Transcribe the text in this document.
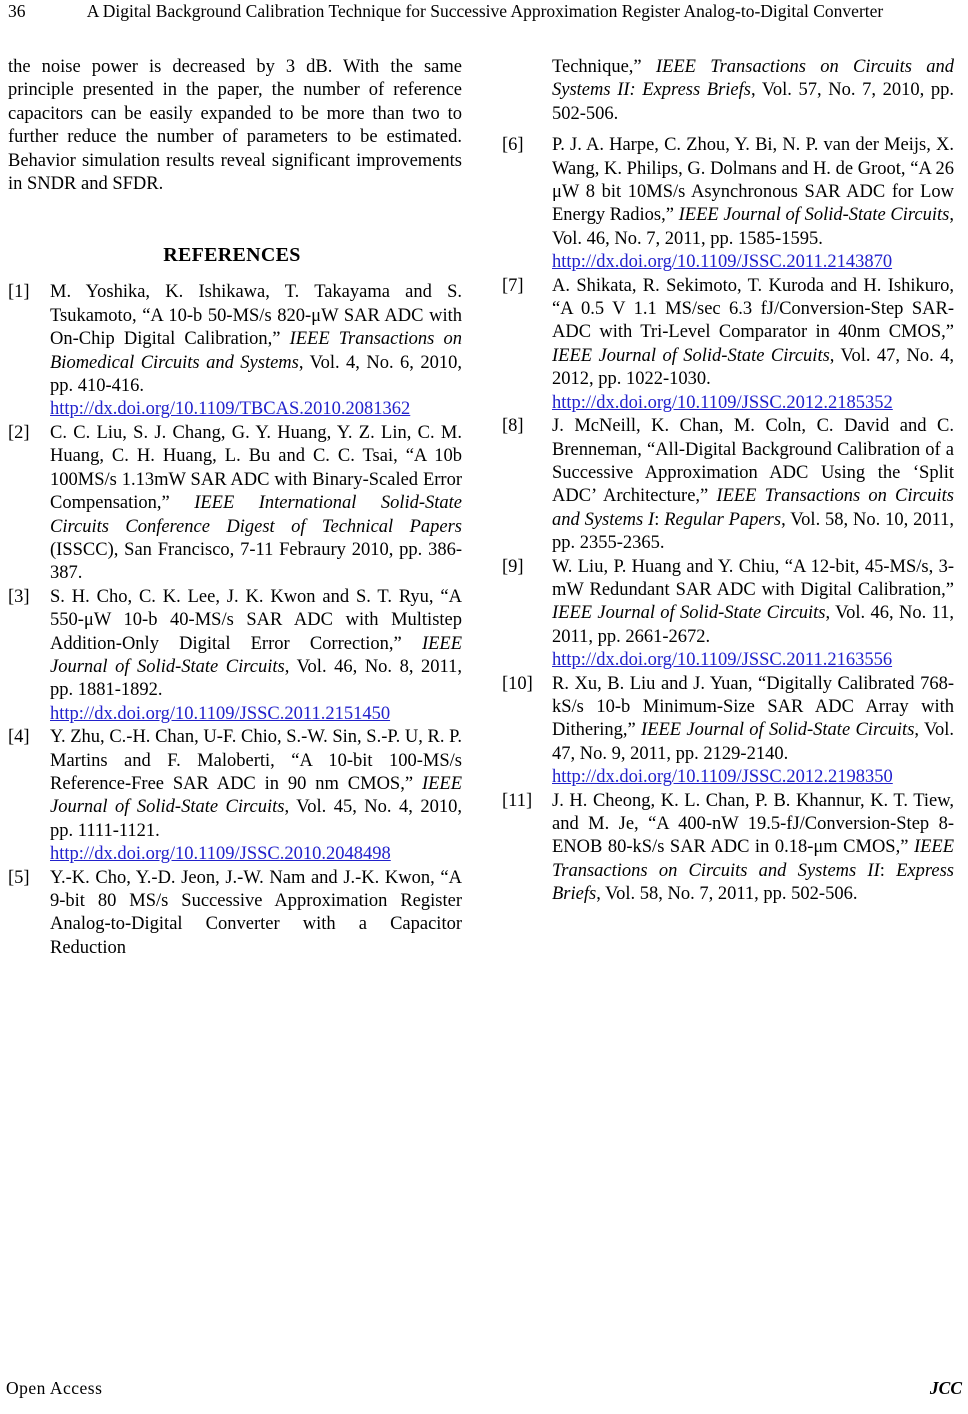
36	A Digital Background Calibration Technique for Successive Approximation Register Analog-to-Digital Converter

the noise power is decreased by 3 dB. With the same principle presented in the paper, the number of reference capacitors can be easily expanded to be more than two to further reduce the number of parameters to be estimated. Behavior simulation results reveal significant improvements in SNDR and SFDR.

REFERENCES
[1]	M. Yoshika, K. Ishikawa, T. Takayama and S. Tsukamoto, “A 10-b 50-MS/s 820-μW SAR ADC with On-Chip Digital Calibration,” IEEE Transactions on Biomedical Circuits and Systems, Vol. 4, No. 6, 2010, pp. 410-416.
http://dx.doi.org/10.1109/TBCAS.2010.2081362
[2]	C. C. Liu, S. J. Chang, G. Y. Huang, Y. Z. Lin, C. M. Huang, C. H. Huang, L. Bu and C. C. Tsai, “A 10b 100MS/s 1.13mW SAR ADC with Binary-Scaled Error Compensation,” IEEE International Solid-State Circuits Conference Digest of Technical Papers (ISSCC), San Francisco, 7-11 Febraury 2010, pp. 386-387.
[3]	S. H. Cho, C. K. Lee, J. K. Kwon and S. T. Ryu, “A 550-μW 10-b 40-MS/s SAR ADC with Multistep Addition-Only Digital Error Correction,” IEEE Journal of Solid-State Circuits, Vol. 46, No. 8, 2011, pp. 1881-1892.
http://dx.doi.org/10.1109/JSSC.2011.2151450
[4]	Y. Zhu, C.-H. Chan, U-F. Chio, S.-W. Sin, S.-P. U, R. P. Martins and F. Maloberti, “A 10-bit 100-MS/s Reference-Free SAR ADC in 90 nm CMOS,” IEEE Journal of Solid-State Circuits, Vol. 45, No. 4, 2010, pp. 1111-1121.
http://dx.doi.org/10.1109/JSSC.2010.2048498
[5]	Y.-K. Cho, Y.-D. Jeon, J.-W. Nam and J.-K. Kwon, “A 9-bit 80 MS/s Successive Approximation Register Analog-to-Digital Converter with a Capacitor Reduction

Technique,” IEEE Transactions on Circuits and Systems II: Express Briefs, Vol. 57, No. 7, 2010, pp. 502-506.

[6]	P. J. A. Harpe, C. Zhou, Y. Bi, N. P. van der Meijs, X. Wang, K. Philips, G. Dolmans and H. de Groot, “A 26 μW 8 bit 10MS/s Asynchronous SAR ADC for Low Energy Radios,” IEEE Journal of Solid-State Circuits, Vol. 46, No. 7, 2011, pp. 1585-1595.
http://dx.doi.org/10.1109/JSSC.2011.2143870
[7]	A. Shikata, R. Sekimoto, T. Kuroda and H. Ishikuro, “A 0.5 V 1.1 MS/sec 6.3 fJ/Conversion-Step SAR-ADC with Tri-Level Comparator in 40nm CMOS,” IEEE Journal of Solid-State Circuits, Vol. 47, No. 4, 2012, pp. 1022-1030.
http://dx.doi.org/10.1109/JSSC.2012.2185352
[8]	J. McNeill, K. Chan, M. Coln, C. David and C. Brenneman, “All-Digital Background Calibration of a Successive Approximation ADC Using the ‘Split ADC’ Architecture,” IEEE Transactions on Circuits and Systems I: Regular Papers, Vol. 58, No. 10, 2011, pp. 2355-2365.
[9]	W. Liu, P. Huang and Y. Chiu, “A 12-bit, 45-MS/s, 3-mW Redundant SAR ADC with Digital Calibration,” IEEE Journal of Solid-State Circuits, Vol. 46, No. 11, 2011, pp. 2661-2672.
http://dx.doi.org/10.1109/JSSC.2011.2163556
[10]	R. Xu, B. Liu and J. Yuan, “Digitally Calibrated 768-kS/s 10-b Minimum-Size SAR ADC Array with Dithering,” IEEE Journal of Solid-State Circuits, Vol. 47, No. 9, 2011, pp. 2129-2140.
http://dx.doi.org/10.1109/JSSC.2012.2198350
[11]	J. H. Cheong, K. L. Chan, P. B. Khannur, K. T. Tiew, and M. Je, “A 400-nW 19.5-fJ/Conversion-Step 8-ENOB 80-kS/s SAR ADC in 0.18-μm CMOS,” IEEE Transactions on Circuits and Systems II: Express Briefs, Vol. 58, No. 7, 2011, pp. 502-506.
Open Access	JCC
